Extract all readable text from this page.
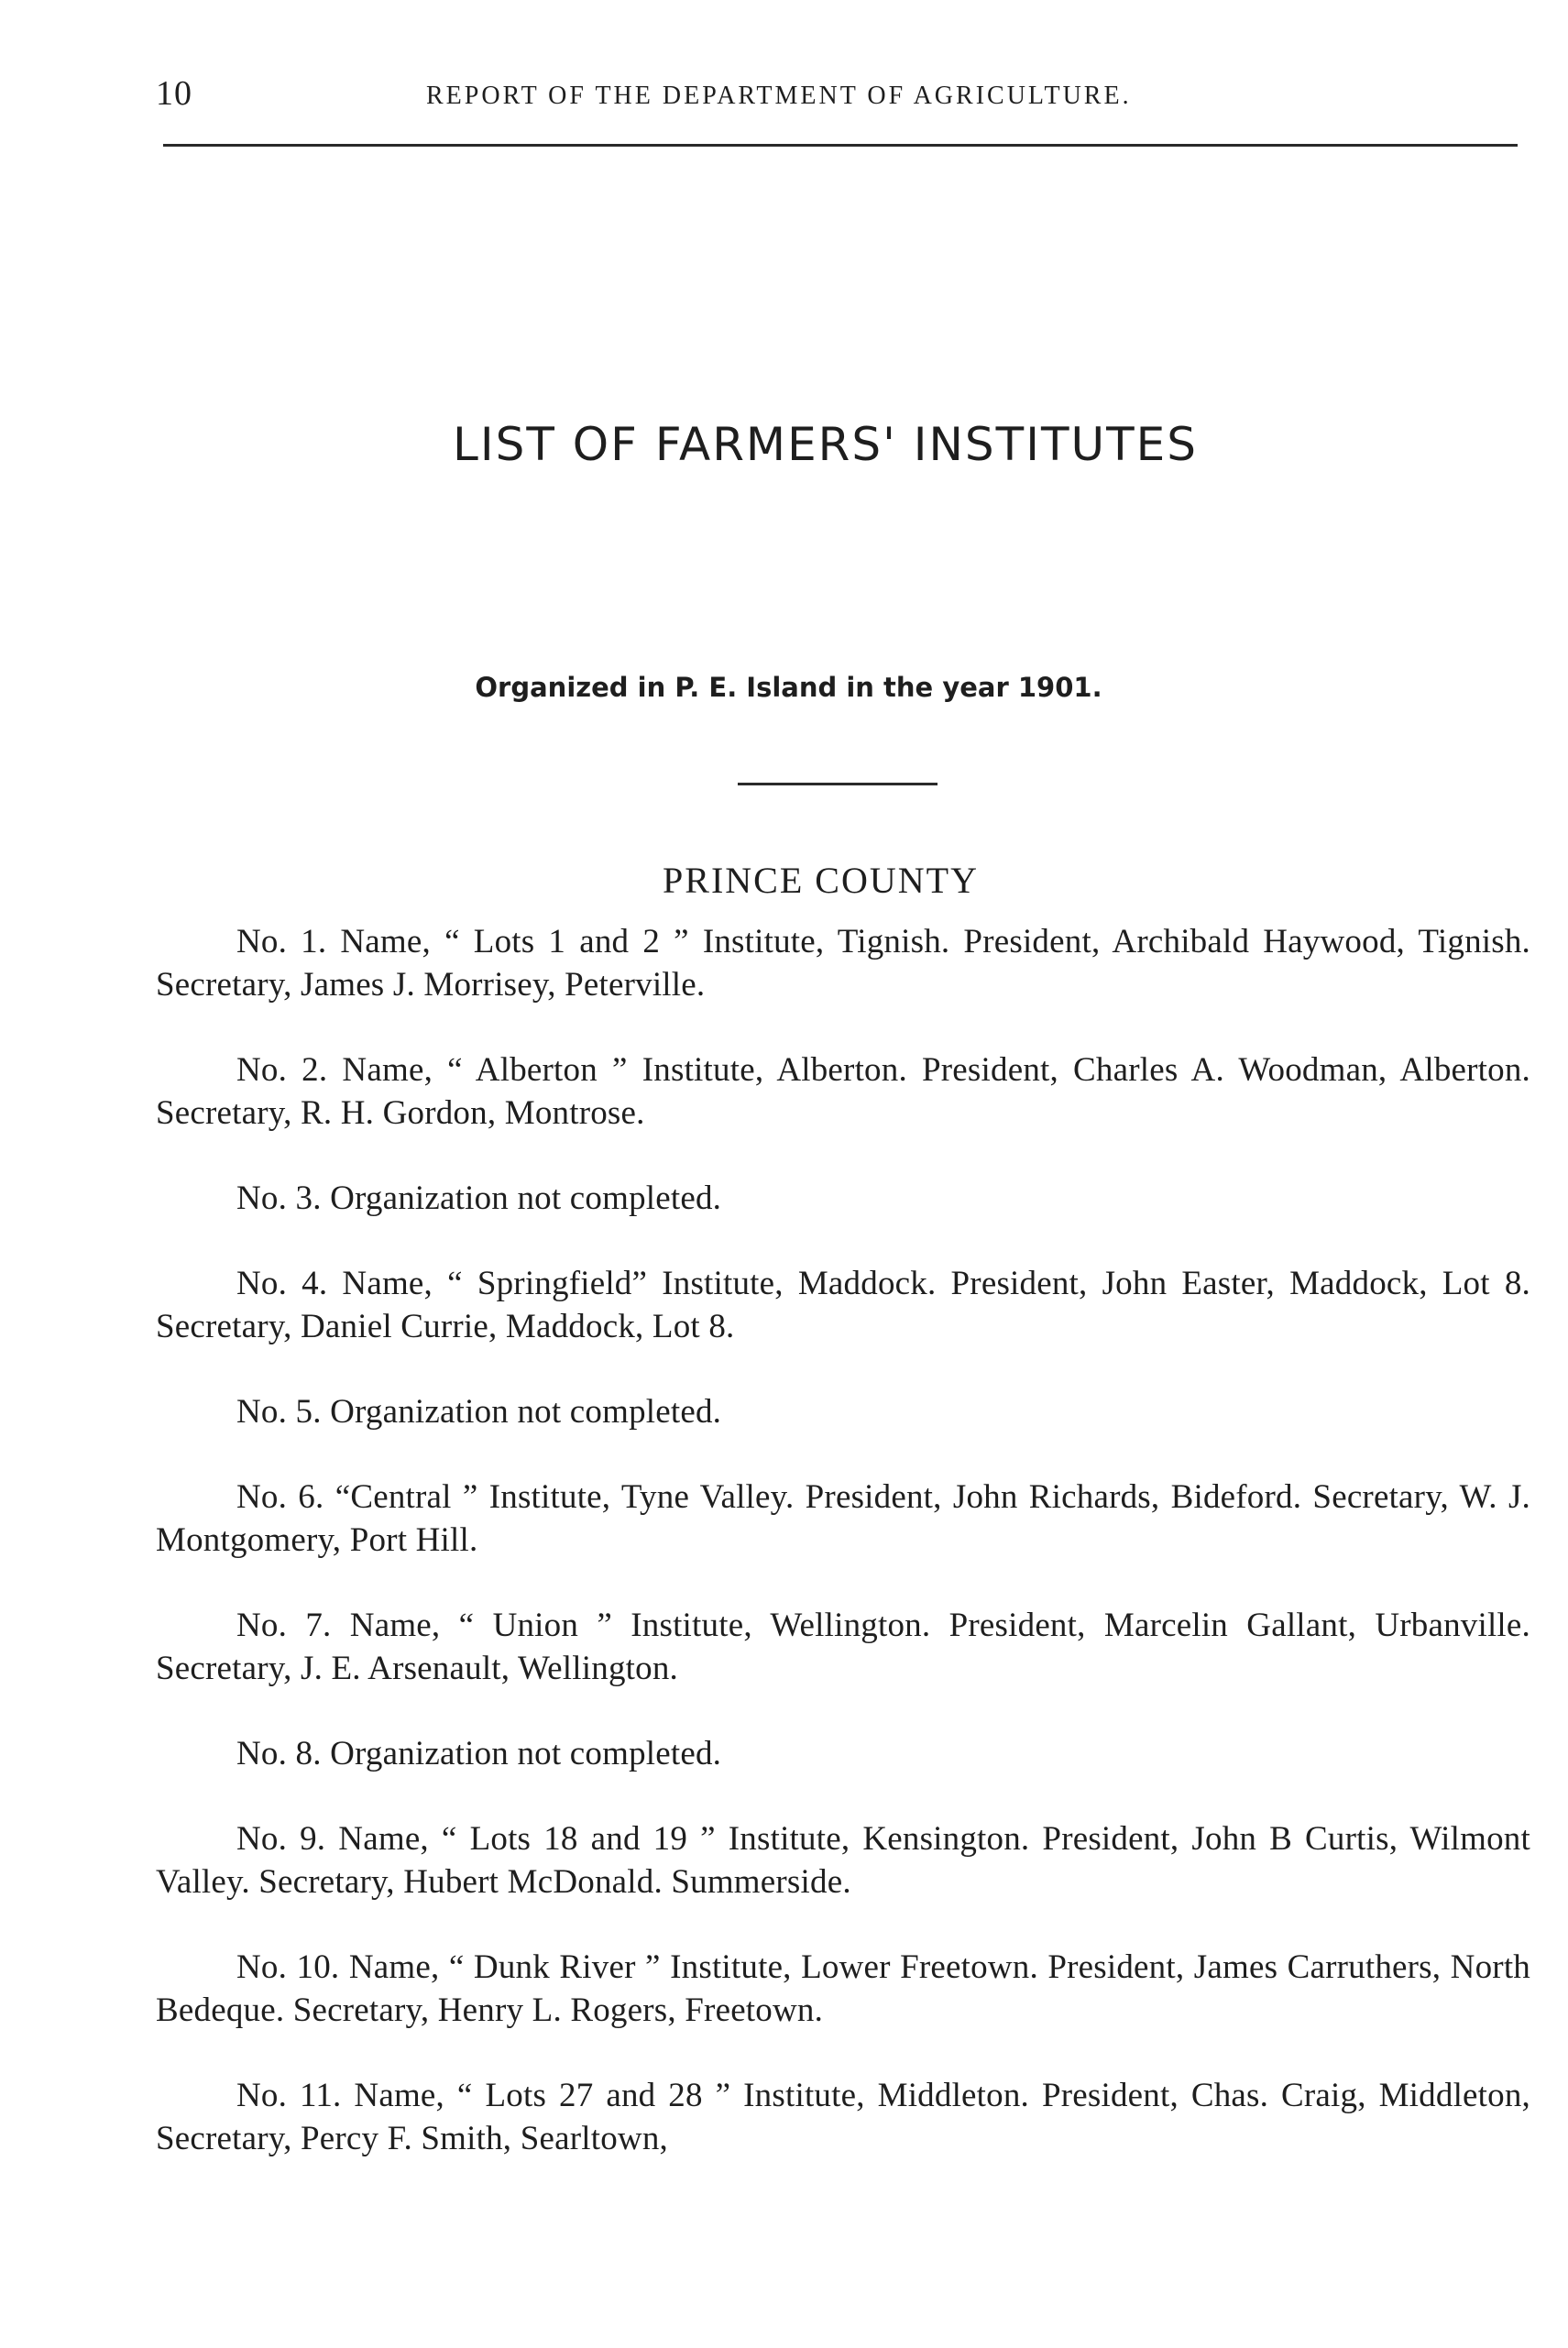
10	REPORT OF THE DEPARTMENT OF AGRICULTURE.
LIST OF FARMERS' INSTITUTES
Organized in P. E. Island in the year 1901.
PRINCE COUNTY

No. 1. Name, “ Lots 1 and 2 ” Institute, Tignish. President, Archibald Haywood, Tignish. Secretary, James J. Morrisey, Peterville.

No. 2. Name, “ Alberton ” Institute, Alberton. President, Charles A. Woodman, Alberton. Secretary, R. H. Gordon, Montrose.

No. 3. Organization not completed.

No. 4. Name, “ Springfield” Institute, Maddock. President, John Easter, Maddock, Lot 8. Secretary, Daniel Currie, Maddock, Lot 8.

No. 5. Organization not completed.

No. 6. “Central ” Institute, Tyne Valley. President, John Richards, Bideford. Secretary, W. J. Montgomery, Port Hill.

No. 7. Name, “ Union ” Institute, Wellington. President, Marcelin Gallant, Urbanville. Secretary, J. E. Arsenault, Wellington.

No. 8. Organization not completed.

No. 9. Name, “ Lots 18 and 19 ” Institute, Kensington. President, John B Curtis, Wilmont Valley. Secretary, Hubert McDonald. Summerside.

No. 10. Name, “ Dunk River ” Institute, Lower Freetown. President, James Carruthers, North Bedeque. Secretary, Henry L. Rogers, Freetown.

No. 11. Name, “ Lots 27 and 28 ” Institute, Middleton. President, Chas. Craig, Middleton, Secretary, Percy F. Smith, Searltown,
